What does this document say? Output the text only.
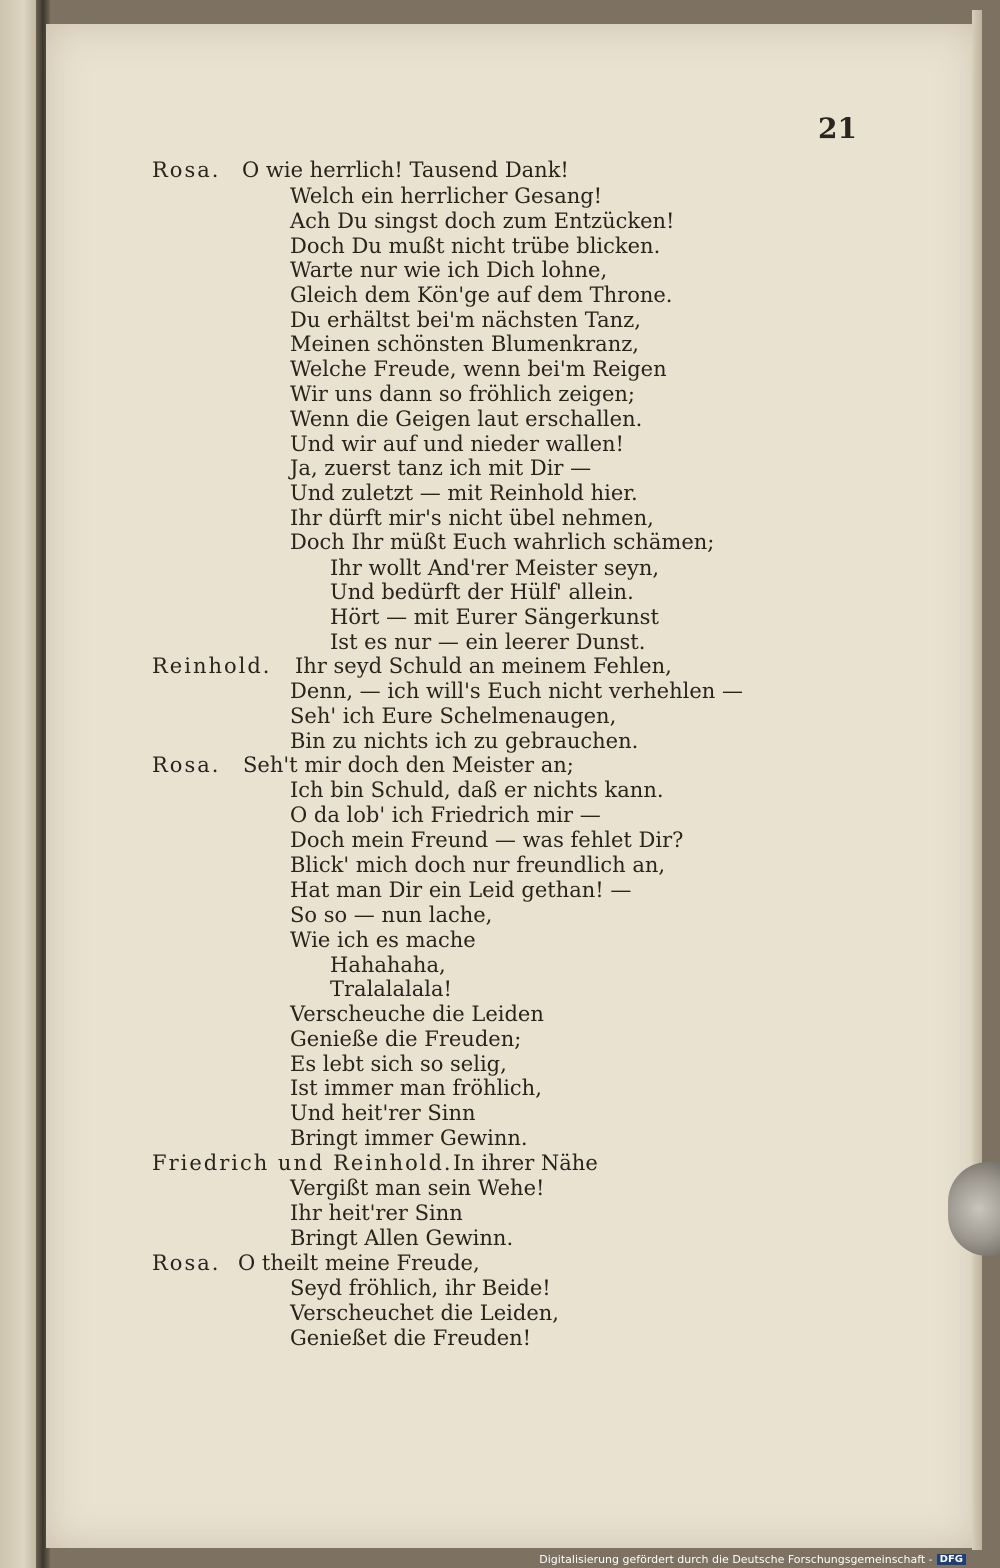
21
Rosa. O wie herrlich! Tausend Dank!
Welch ein herrlicher Gesang!
Ach Du singst doch zum Entzücken!
Doch Du mußt nicht trübe blicken.
Warte nur wie ich Dich lohne,
Gleich dem Kön'ge auf dem Throne.
Du erhältst bei'm nächsten Tanz,
Meinen schönsten Blumenkranz,
Welche Freude, wenn bei'm Reigen
Wir uns dann so fröhlich zeigen;
Wenn die Geigen laut erschallen.
Und wir auf und nieder wallen!
Ja, zuerst tanz ich mit Dir —
Und zuletzt — mit Reinhold hier.
Ihr dürft mir's nicht übel nehmen,
Doch Ihr müßt Euch wahrlich schämen;
Ihr wollt And'rer Meister seyn,
Und bedürft der Hülf' allein.
Hört — mit Eurer Sängerkunst
Ist es nur — ein leerer Dunst.
Reinhold. Ihr seyd Schuld an meinem Fehlen,
Denn, — ich will's Euch nicht verhehlen —
Seh' ich Eure Schelmenaugen,
Bin zu nichts ich zu gebrauchen.
Rosa. Seh't mir doch den Meister an;
Ich bin Schuld, daß er nichts kann.
O da lob' ich Friedrich mir —
Doch mein Freund — was fehlet Dir?
Blick' mich doch nur freundlich an,
Hat man Dir ein Leid gethan! —
So so — nun lache,
Wie ich es mache
Hahahaha,
Tralalalala!
Verscheuche die Leiden
Genieße die Freuden;
Es lebt sich so selig,
Ist immer man fröhlich,
Und heit'rer Sinn
Bringt immer Gewinn.
Friedrich und Reinhold. In ihrer Nähe
Vergißt man sein Wehe!
Ihr heit'rer Sinn
Bringt Allen Gewinn.
Rosa. O theilt meine Freude,
Seyd fröhlich, ihr Beide!
Verscheuchet die Leiden,
Genießet die Freuden!
Digitalisierung gefördert durch die Deutsche Forschungsgemeinschaft - DFG
